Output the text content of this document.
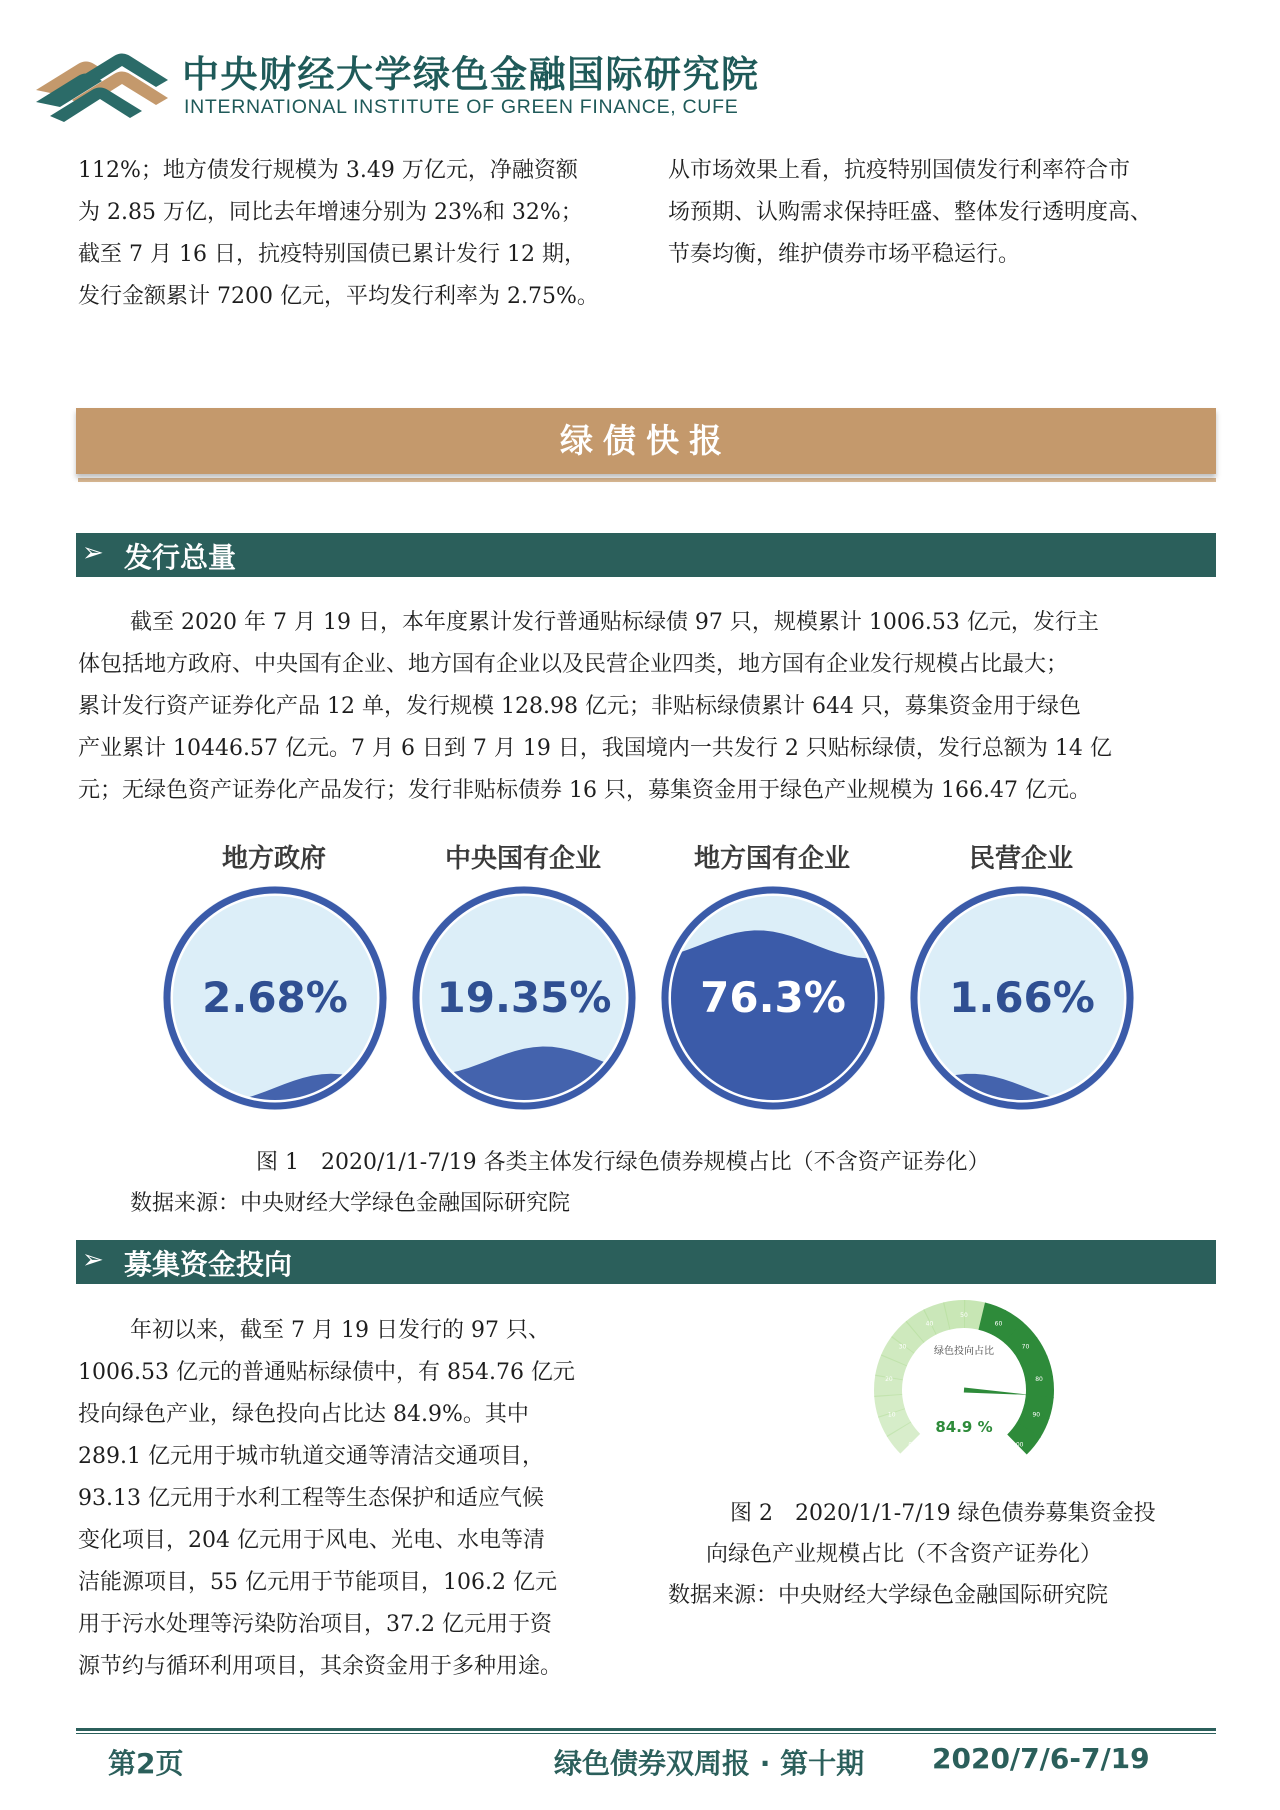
中央财经大学绿色金融国际研究院
INTERNATIONAL INSTITUTE OF GREEN FINANCE, CUFE
112%；地方债发行规模为 3.49 万亿元，净融资额
为 2.85 万亿，同比去年增速分别为 23%和 32%；
截至 7 月 16 日，抗疫特别国债已累计发行 12 期，
发行金额累计 7200 亿元，平均发行利率为 2.75%。
从市场效果上看，抗疫特别国债发行利率符合市
场预期、认购需求保持旺盛、整体发行透明度高、
节奏均衡，维护债券市场平稳运行。
绿债快报
➢ 发行总量
截至 2020 年 7 月 19 日，本年度累计发行普通贴标绿债 97 只，规模累计 1006.53 亿元，发行主
体包括地方政府、中央国有企业、地方国有企业以及民营企业四类，地方国有企业发行规模占比最大；
累计发行资产证券化产品 12 单，发行规模 128.98 亿元；非贴标绿债累计 644 只，募集资金用于绿色
产业累计 10446.57 亿元。7 月 6 日到 7 月 19 日，我国境内一共发行 2 只贴标绿债，发行总额为 14 亿
元；无绿色资产证券化产品发行；发行非贴标债券 16 只，募集资金用于绿色产业规模为 166.47 亿元。
地方政府	中央国有企业	地方国有企业	民营企业
2.68% 19.35% 76.3% 1.66%
图 1　2020/1/1-7/19 各类主体发行绿色债券规模占比（不含资产证券化）
数据来源：中央财经大学绿色金融国际研究院
➢ 募集资金投向
年初以来，截至 7 月 19 日发行的 97 只、
1006.53 亿元的普通贴标绿债中，有 854.76 亿元
投向绿色产业，绿色投向占比达 84.9%。其中
289.1 亿元用于城市轨道交通等清洁交通项目，
93.13 亿元用于水利工程等生态保护和适应气候
变化项目，204 亿元用于风电、光电、水电等清
洁能源项目，55 亿元用于节能项目，106.2 亿元
用于污水处理等污染防治项目，37.2 亿元用于资
源节约与循环利用项目，其余资金用于多种用途。
0
10
20
30
40
50
60
70
80
90
100
绿色投向占比
84.9 %
图 2　2020/1/1-7/19 绿色债券募集资金投
向绿色产业规模占比（不含资产证券化）
数据来源：中央财经大学绿色金融国际研究院
第2页	绿色债券双周报 · 第十期 2020/7/6-7/19
